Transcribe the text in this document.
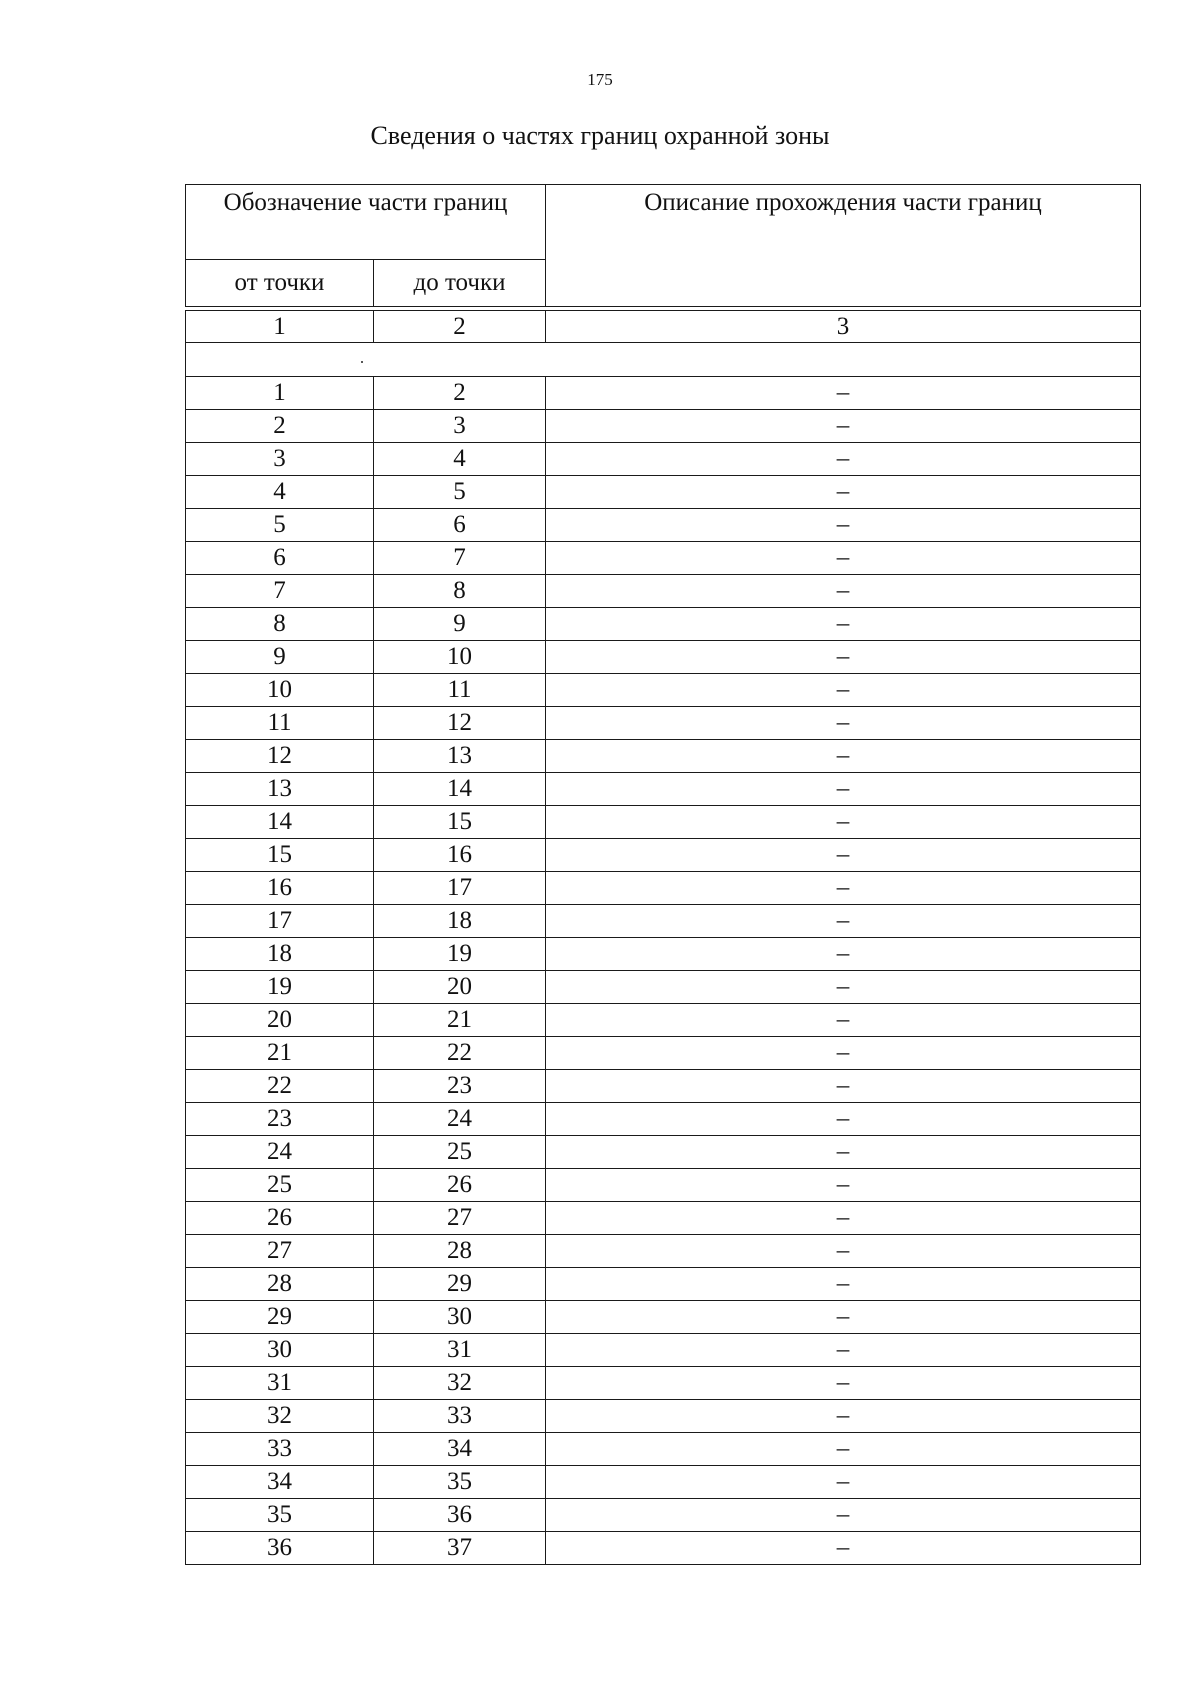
175
Сведения о частях границ охранной зоны
Обозначение части границ		Описание прохождения части границ
от точки	до точки	

1	2	3

1	2	–
2	3	–
3	4	–
4	5	–
5	6	–
6	7	–
7	8	–
8	9	–
9	10	–
10	11	–
11	12	–
12	13	–
13	14	–
14	15	–
15	16	–
16	17	–
17	18	–
18	19	–
19	20	–
20	21	–
21	22	–
22	23	–
23	24	–
24	25	–
25	26	–
26	27	–
27	28	–
28	29	–
29	30	–
30	31	–
31	32	–
32	33	–
33	34	–
34	35	–
35	36	–
36	37	–
